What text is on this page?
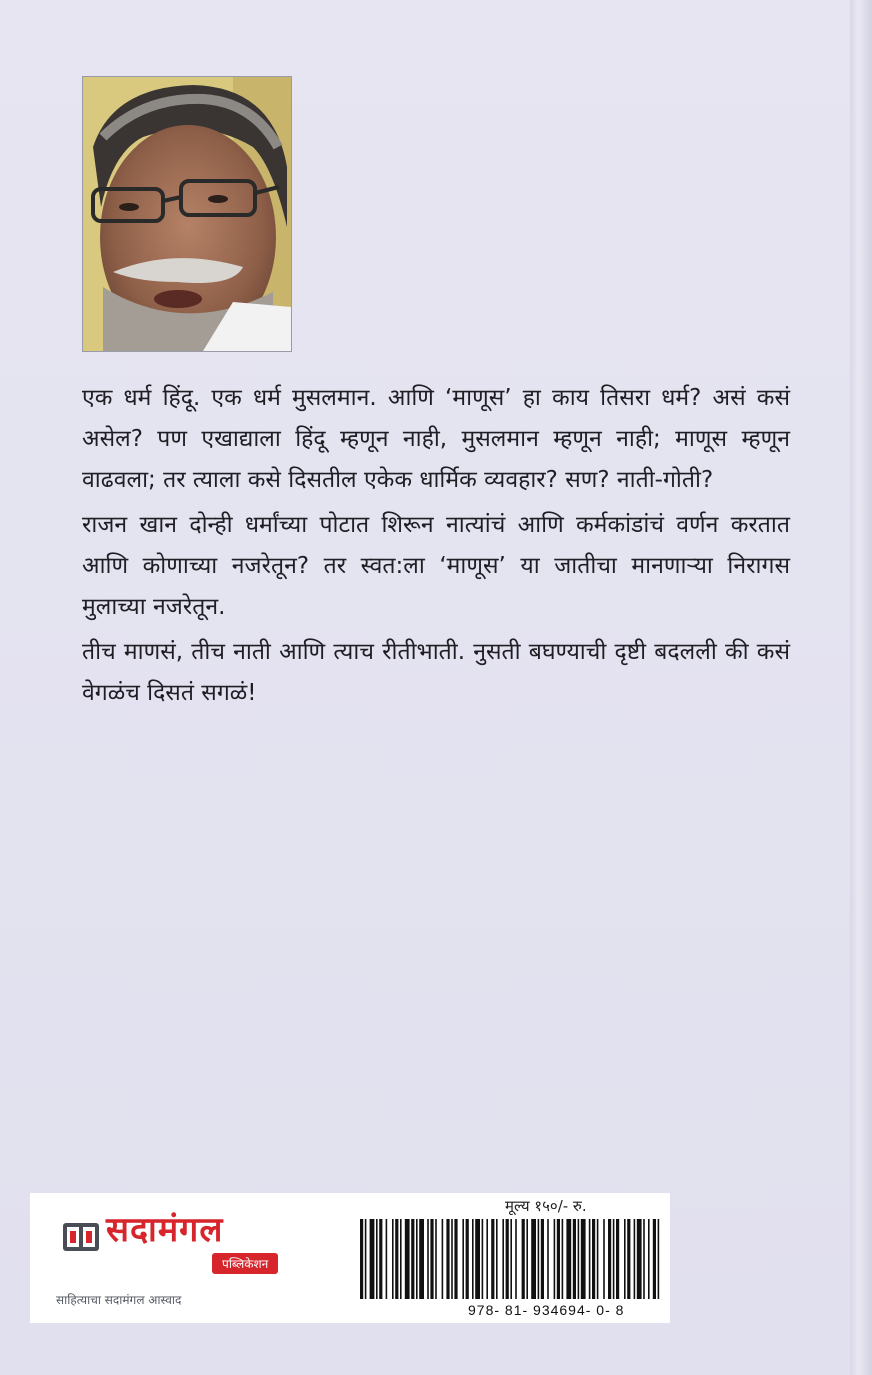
एक धर्म हिंदू. एक धर्म मुसलमान. आणि ‘माणूस’ हा काय तिसरा धर्म? असं कसं असेल? पण एखाद्याला हिंदू म्हणून नाही, मुसलमान म्हणून नाही; माणूस म्हणून वाढवला; तर त्याला कसे दिसतील एकेक धार्मिक व्यवहार? सण? नाती-गोती?

राजन खान दोन्ही धर्मांच्या पोटात शिरून नात्यांचं आणि कर्मकांडांचं वर्णन करतात आणि कोणाच्या नजरेतून? तर स्वत:ला ‘माणूस’ या जातीचा मानणाऱ्या निरागस मुलाच्या नजरेतून.

तीच माणसं, तीच नाती आणि त्याच रीतीभाती. नुसती बघण्याची दृष्टी बदलली की कसं वेगळंच दिसतं सगळं!

सदामंगल
पब्लिकेशन
साहित्याचा सदामंगल आस्वाद
मूल्य १५०/- रु.
978- 81- 934694- 0- 8
